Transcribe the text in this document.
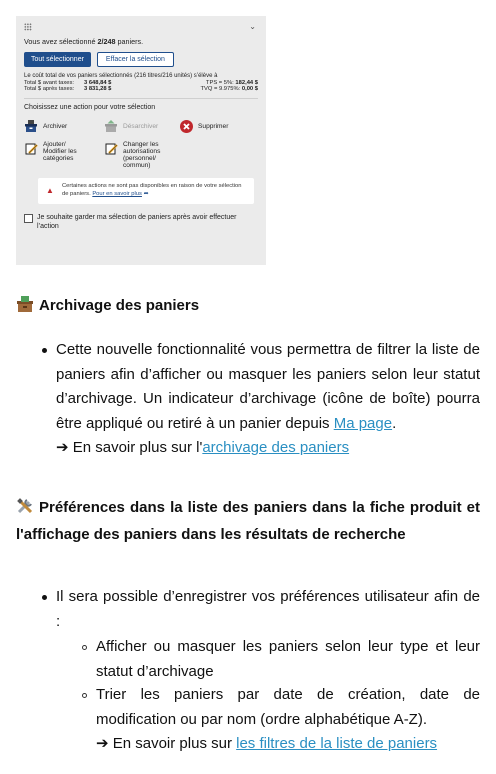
⌄
Vous avez sélectionné 2/248 paniers.
Tout sélectionner	Effacer la sélection
Le coût total de vos paniers sélectionnés (216 titres/216 unités) s’élève à
Total $ avant taxes:	3 648,84 $	TPS = 5%: 182,44 $
Total $ après taxes:	3 831,28 $	TVQ = 9.975%: 0,00 $
Choisissez une action pour votre sélection
Archiver	Désarchiver	Supprimer
Ajouter/ Modifier les catégories
Changer les autorisations (personnel/ commun)
▲ Certaines actions ne sont pas disponibles en raison de votre sélection de paniers. Pour en savoir plus ➦
Je souhaite garder ma sélection de paniers après avoir effectuer l’action
Archivage des paniers
Cette nouvelle fonctionnalité vous permettra de filtrer la liste de paniers afin d’afficher ou masquer les paniers selon leur statut d’archivage. Un indicateur d’archivage (icône de boîte) pourra être appliqué ou retiré à un panier depuis Ma page.
➔ En savoir plus sur l'archivage des paniers
Préférences dans la liste des paniers dans la fiche produit et l'affichage des paniers dans les résultats de recherche
Il sera possible d’enregistrer vos préférences utilisateur afin de :
Afficher ou masquer les paniers selon leur type et leur statut d’archivage
Trier les paniers par date de création, date de modification ou par nom (ordre alphabétique A-Z).
➔ En savoir plus sur les filtres de la liste de paniers
